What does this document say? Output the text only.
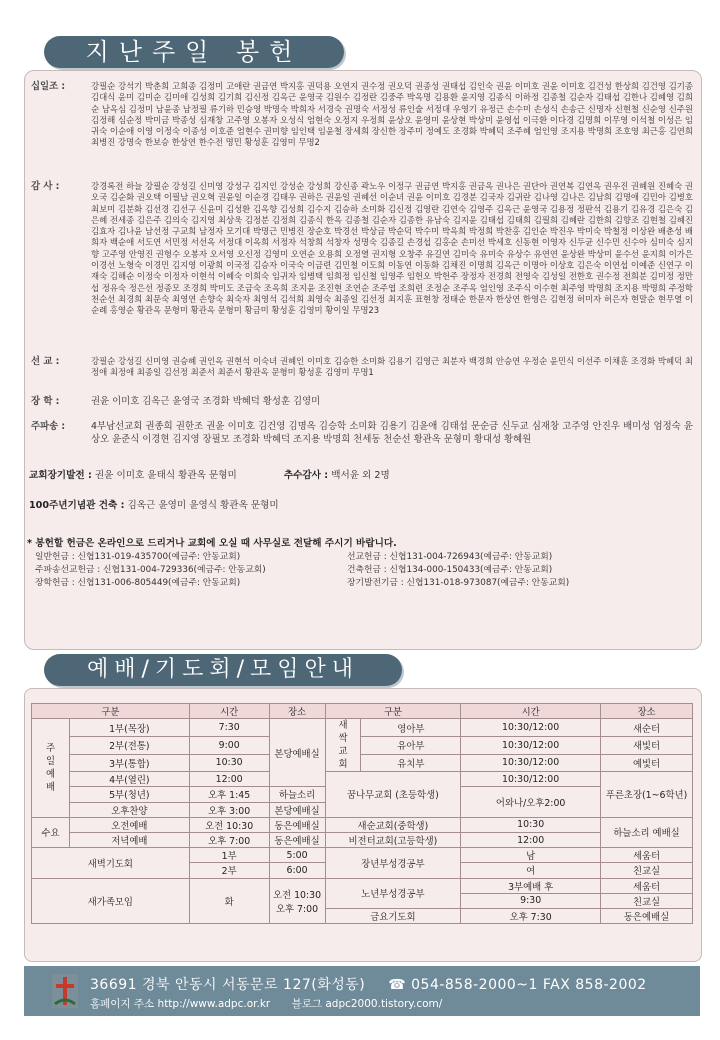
지난주일 봉헌
십일조 :	강필순 강석기 박춘희 고희종 김정미 고애란 권금연 박지홍 권덕용 오연지 권수정 권오덕 권종성 권태섭 김인숙 권윤 이미호 권윤 이미호 김건성 한상희 김건영 김기종 김대식 윤미 김미순 김미애 김성희 김기희 김신정 김옥근 윤영국 김원수 김정란 김중주 박옥명 김용환 윤지영 김종식 이하정 김종철 김순자 김태섭 김한나 김혜영 김희순 남옥심 김정미 남윤종 남정필 류기하 민승영 박명숙 박희자 서경숙 권명숙 서정성 류인술 서정대 우영기 유정근 손수미 손성식 손송근 신명자 신현철 신순영 신주원 김정해 심순정 박미금 박종성 심재창 고주영 오봉자 오성식 엄현숙 오정지 우정희 윤상오 윤영미 윤상현 박상미 윤영섭 이극환 이다경 김명희 이무영 이석철 이성은 임귀숙 이순애 이영 이정숙 이종성 이호준 엄현수 권미향 임인택 임윤철 장세희 장신한 장주미 정예도 조경화 박혜덕 조주혜 엄인영 조지용 박명희 조호영 최근홍 김연희 최병진 강명숙 한보승 한상연 한수전 명민 황성훈 김영미 무명2
감 사 :	강경록전 하늘 강필순 강성길 신미영 강성구 김지인 강성순 강성희 강신종 곽노우 이정구 권금연 박지홍 권금옥 권나은 권단아 권연복 김연옥 권우진 권혜원 진혜숙 권오국 김순화 권오택 이필남 권오혁 권윤일 이순경 김태우 권하은 권윤일 권혜선 이순녀 권윤 이미호 김경분 김국자 김귀란 김나영 김나은 김남희 김명애 김민아 김병호 최보미 김분화 김선경 김선구 신윤미 김성환 김옥향 김성희 김수지 김승하 소미화 김신정 김영란 김연숙 김영주 김옥근 윤영국 김용정 정판석 김용기 김유경 김은숙 김은혜 전세종 김은주 김의숙 김지영 최상욱 김정분 김정희 김종식 한옥 김종철 김순자 김종한 유남숙 김지윤 김태섭 김태희 김필희 김혜란 김한희 김향조 김현철 김혜진 김효자 김나윤 남선정 구교희 남정자 모기대 박명근 민병진 장순호 박경선 박상금 박순덕 박수미 박옥희 박정희 박찬홍 김인순 박진우 박미숙 박철정 이상완 배춘성 배희자 백순애 서도연 서민정 서선옥 서정대 이옥희 서정자 석창희 석창자 성명숙 김종길 손경섭 김홍순 손미선 박세호 신동현 이영자 신두균 신수민 신수아 심미숙 심지향 고주영 안영진 권형수 오봉자 오서영 오신정 김영미 오연순 오용희 오정열 권지형 오창주 유길연 김미숙 유미숙 유상수 유연연 윤상완 박상미 윤수선 윤지희 이가은 이경선 노형숙 이경민 김지영 이광희 이국정 김승자 이국숙 이금련 김민철 이도희 이동연 이동화 김채진 이명희 김옥근 이명아 이상호 김은숙 이연섭 이예준 신연구 이재숙 김해순 이정숙 이정자 이현석 이혜숙 이희숙 임귀자 임병택 임희정 임신철 임영주 임헌오 박헌주 장정자 전경희 전영숙 김성일 전한호 권수정 전희분 김미정 정만섭 정유숙 정은선 정종모 조경희 박미도 조금숙 조옥희 조지윤 조진현 조연순 조주엽 조희련 조정순 조주옥 엄인영 조주식 이수현 최주영 박명희 조지용 박명희 주정학 천순선 최경희 최문숙 최영연 손향숙 최숙자 최영석 김석희 최영숙 최종일 김선정 최지훈 표현창 정태순 한문자 한상연 한영은 김현정 허미자 허은자 현말순 현무열 이순례 홍영순 황관옥 문형미 황관옥 문형미 황금미 황성훈 김영미 황이일 무명23
선 교 :	강필순 강성길 신미영 권승혜 권인옥 권현석 이숙녀 권혜인 이미호 김승한 소미화 김용기 김영근 최분자 백경희 안승연 우정순 윤민식 이선주 이채훈 조경화 박혜덕 최정애 최정애 최종일 김선정 최준서 최준서 황관옥 문형미 황성훈 김영미 무명1
장 학 :	권윤 이미호 김옥근 윤영국 조경화 박혜덕 황성훈 김영미
주파송 :	4부남선교회 권종희 권한조 권윤 이미호 김건영 김명옥 김승학 소미화 김용기 김윤애 김태섭 문순금 신두교 심재창 고주영 안진우 배미성 엄정숙 윤상오 윤준식 이경현 김지영 장필모 조경화 박혜덕 조지용 박명희 천세동 천순선 황관옥 문형미 황대성 황혜원
교회장기발전 : 권윤 이미호 윤태식 황관옥 문형미	추수감사 : 백서윤 외 2명
100주년기념관 건축 : 김옥근 윤영미 윤영식 황관옥 문형미
* 봉헌할 헌금은 온라인으로 드리거나 교회에 오실 때 사무실로 전달해 주시기 바랍니다.
일반헌금 : 신협131-019-435700(예금주: 안동교회)	선교헌금 : 신협131-004-726943(예금주: 안동교회)
주파송선교헌금 : 신협131-004-729336(예금주: 안동교회)	건축헌금 : 신협134-000-150433(예금주: 안동교회)
장학헌금 : 신협131-006-805449(예금주: 안동교회)	장기발전기금 : 신협131-018-973087(예금주: 안동교회)
예배/기도회/모임안내
구분		시간	장소	구분		시간	장소

주일예배	1부(목장)	7:30	본당예배실	새싹교회	영아부	10:30/12:00	새순터
	2부(전통)	9:00			유아부	10:30/12:00	새빛터
	3부(통합)	10:30			유치부	10:30/12:00	예빛터
	4부(열린)	12:00		꿈나무교회 (초등학생)		10:30/12:00	푸른초장(1~6학년)
	5부(청년)	오후 1:45	하늘소리			어와나/오후2:00	
	오후찬양	오후 3:00	본당예배실				
수요	오전예배	오전 10:30	동은예배실	새순교회(중학생)		10:30	하늘소리 예배실
	저녁예배	오후 7:00	동은예배실	비전터교회(고등학생)		12:00	
새벽기도회		1부	5:00	장년부성경공부		남	세움터
		2부	6:00			여	친교실
새가족모임		화	오전 10:30 오후 7:00	노년부성경공부		3부예배 후	세움터
						9:30	친교실
				금요기도회		오후 7:30	동은예배실
36691 경북 안동시 서동문로 127(화성동) ☎ 054-858-2000~1 FAX 858-2002
홈페이지 주소 http://www.adpc.or.kr 블로그 adpc2000.tistory.com/
